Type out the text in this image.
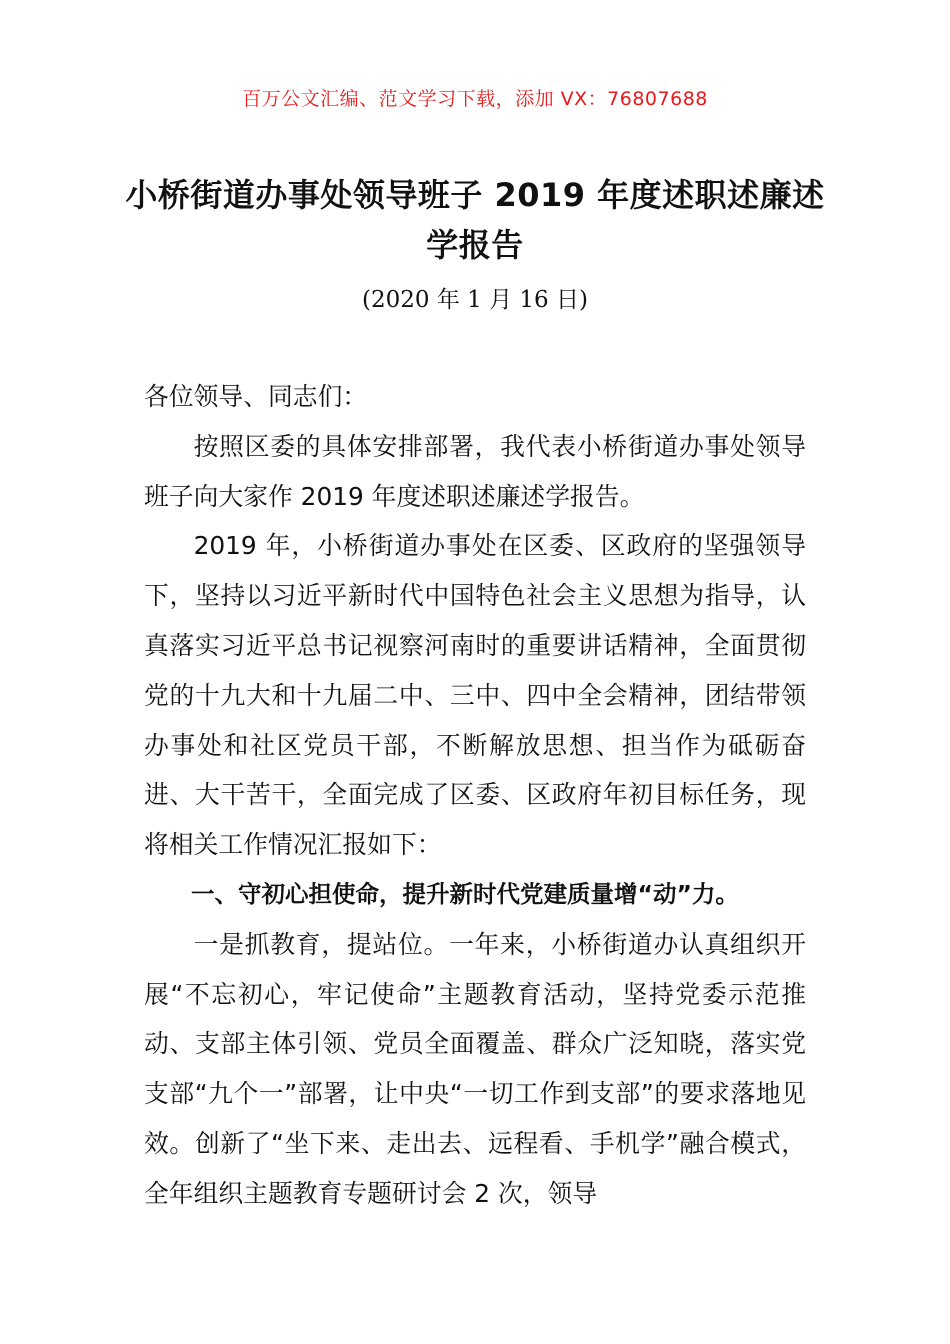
百万公文汇编、范文学习下载，添加 VX：76807688
小桥街道办事处领导班子 2019 年度述职述廉述学报告
(2020 年 1 月 16 日)

各位领导、同志们：

按照区委的具体安排部署，我代表小桥街道办事处领导班子向大家作 2019 年度述职述廉述学报告。

2019 年，小桥街道办事处在区委、区政府的坚强领导下，坚持以习近平新时代中国特色社会主义思想为指导，认真落实习近平总书记视察河南时的重要讲话精神，全面贯彻党的十九大和十九届二中、三中、四中全会精神，团结带领办事处和社区党员干部，不断解放思想、担当作为砥砺奋进、大干苦干，全面完成了区委、区政府年初目标任务，现将相关工作情况汇报如下：

一、守初心担使命，提升新时代党建质量增“动”力。

一是抓教育，提站位。一年来，小桥街道办认真组织开展“不忘初心，牢记使命”主题教育活动，坚持党委示范推动、支部主体引领、党员全面覆盖、群众广泛知晓，落实党支部“九个一”部署，让中央“一切工作到支部”的要求落地见效。创新了“坐下来、走出去、远程看、手机学”融合模式，全年组织主题教育专题研讨会 2 次，领导
